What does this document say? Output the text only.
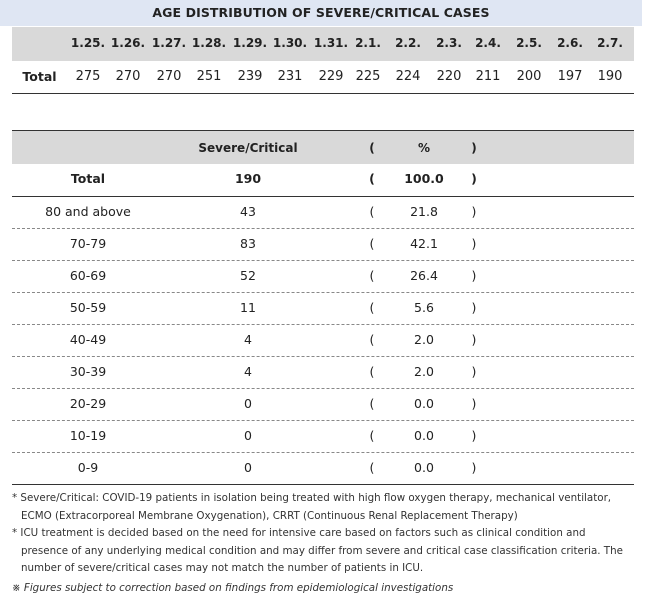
AGE DISTRIBUTION OF SEVERE/CRITICAL CASES
1.25. 1.26. 1.27. 1.28. 1.29. 1.30. 1.31. 2.1.	2.2.	2.3.	2.4.	2.5.	2.6.	2.7.
Total	275	270	270	251	239	231	229 225	224	220	211	200	197	190
Severe/Critical	(	%	)
Total	190	(	100.0	)
80 and above	43	(	21.8	)
70-79	83	(	42.1	)
60-69	52	(	26.4	)
50-59	11	(	5.6	)
40-49	4	(	2.0	)
30-39	4	(	2.0	)
20-29	0	(	0.0	)
10-19	0	(	0.0	)
0-9	0	(	0.0	)
* Severe/Critical: COVID-19 patients in isolation being treated with high flow oxygen therapy, mechanical ventilator,
ECMO (Extracorporeal Membrane Oxygenation), CRRT (Continuous Renal Replacement Therapy)
* ICU treatment is decided based on the need for intensive care based on factors such as clinical condition and
presence of any underlying medical condition and may differ from severe and critical case classification criteria. The
number of severe/critical cases may not match the number of patients in ICU.
※ Figures subject to correction based on findings from epidemiological investigations
